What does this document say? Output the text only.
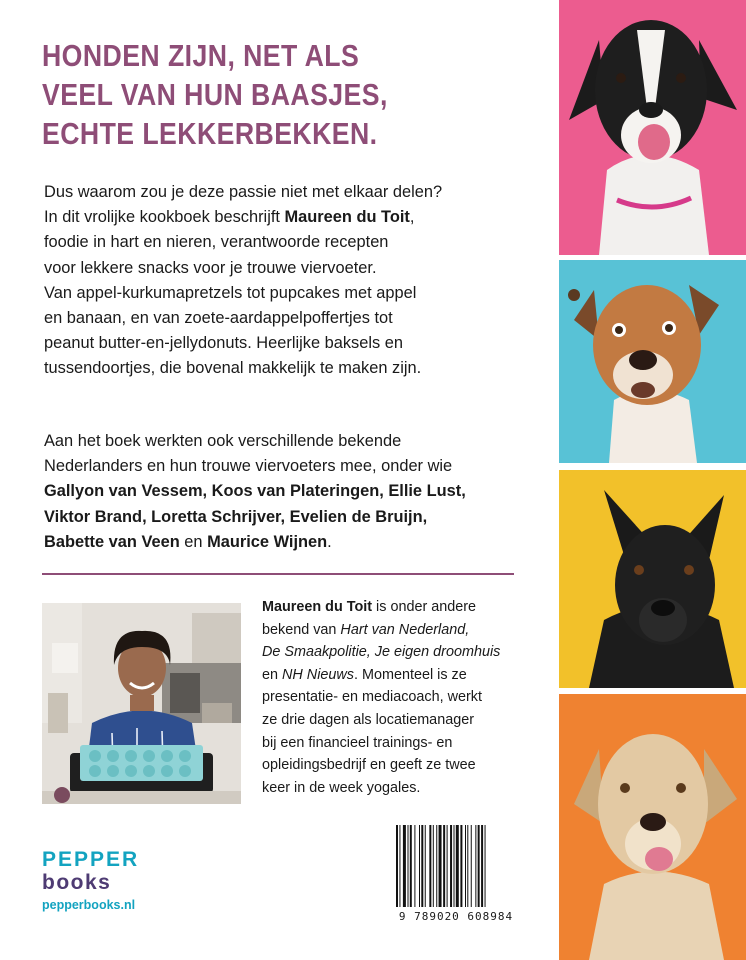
HONDEN ZIJN, NET ALS
VEEL VAN HUN BAASJES,
ECHTE LEKKERBEKKEN.

Dus waarom zou je deze passie niet met elkaar delen?
In dit vrolijke kookboek beschrijft Maureen du Toit,
foodie in hart en nieren, verantwoorde recepten
voor lekkere snacks voor je trouwe viervoeter.
Van appel-kurkumapretzels tot pupcakes met appel
en banaan, en van zoete-aardappelpoffertjes tot
peanut butter-en-jellydonuts. Heerlijke baksels en
tussendoortjes, die bovenal makkelijk te maken zijn.

Aan het boek werkten ook verschillende bekende
Nederlanders en hun trouwe viervoeters mee, onder wie
Gallyon van Vessem, Koos van Plateringen, Ellie Lust,
Viktor Brand, Loretta Schrijver, Evelien de Bruijn,
Babette van Veen en Maurice Wijnen.

Maureen du Toit is onder andere
bekend van Hart van Nederland,
De Smaakpolitie, Je eigen droomhuis
en NH Nieuws. Momenteel is ze
presentatie- en mediacoach, werkt
ze drie dagen als locatiemanager
bij een financieel trainings- en
opleidingsbedrijf en geeft ze twee
keer in de week yogales.

PEPPER
books
pepperbooks.nl
9 789020 608984
